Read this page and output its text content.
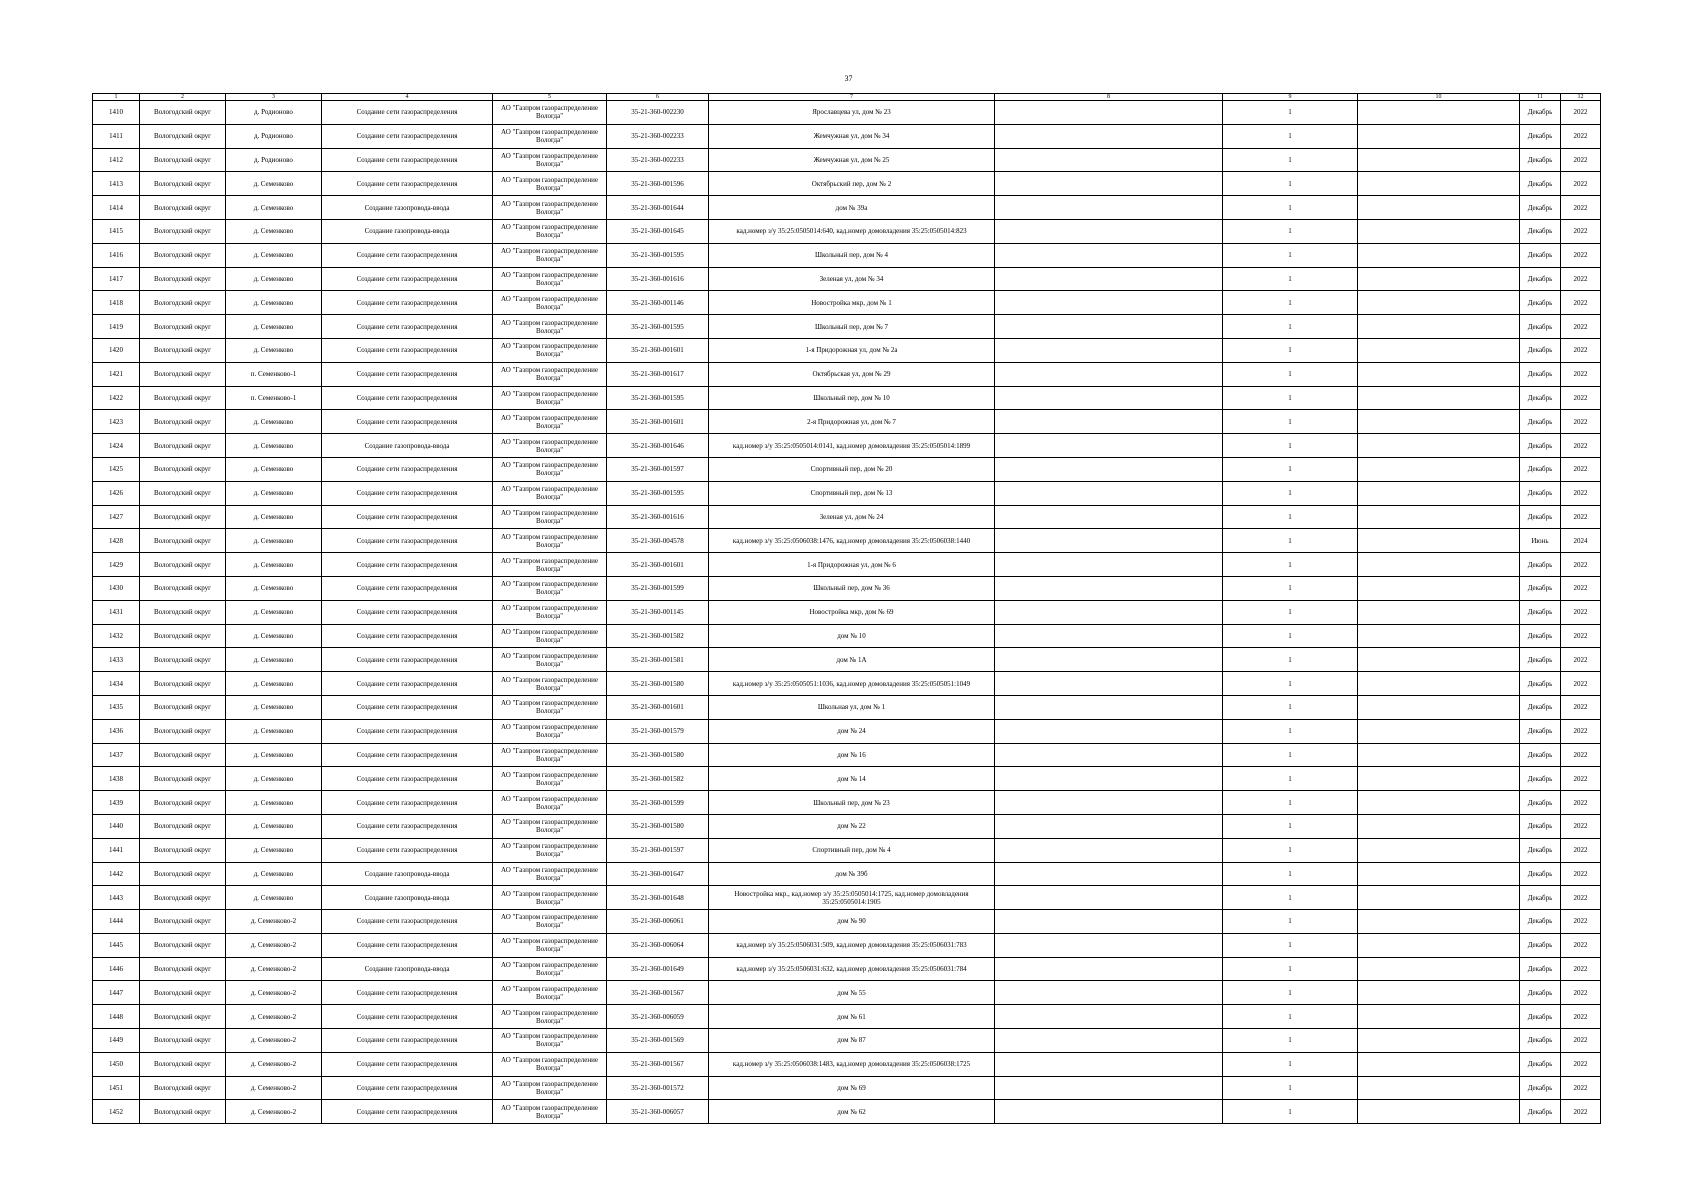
37
1	2	3	4	5	6	7	8	9	10	11	12
1410	Вологодский округ	д. Родионово	Создание сети газораспределения	АО "Газпром газораспределение Вологда"	35-21-360-002230	Ярославцева ул, дом № 23		1		Декабрь	2022
1411	Вологодский округ	д. Родионово	Создание сети газораспределения	АО "Газпром газораспределение Вологда"	35-21-360-002233	Жемчужная ул, дом № 34		1		Декабрь	2022
1412	Вологодский округ	д. Родионово	Создание сети газораспределения	АО "Газпром газораспределение Вологда"	35-21-360-002233	Жемчужная ул, дом № 25		1		Декабрь	2022
1413	Вологодский округ	д. Семенково	Создание сети газораспределения	АО "Газпром газораспределение Вологда"	35-21-360-001596	Октябрьский пер, дом № 2		1		Декабрь	2022
1414	Вологодский округ	д. Семенково	Создание газопровода-ввода	АО "Газпром газораспределение Вологда"	35-21-360-001644	дом № 39а		1		Декабрь	2022
1415	Вологодский округ	д. Семенково	Создание газопровода-ввода	АО "Газпром газораспределение Вологда"	35-21-360-001645	кад.номер з/у 35:25:0505014:640, кад.номер домовладения 35:25:0505014:823		1		Декабрь	2022
1416	Вологодский округ	д. Семенково	Создание сети газораспределения	АО "Газпром газораспределение Вологда"	35-21-360-001595	Школьный пер, дом № 4		1		Декабрь	2022
1417	Вологодский округ	д. Семенково	Создание сети газораспределения	АО "Газпром газораспределение Вологда"	35-21-360-001616	Зеленая ул, дом № 34		1		Декабрь	2022
1418	Вологодский округ	д. Семенково	Создание сети газораспределения	АО "Газпром газораспределение Вологда"	35-21-360-001146	Новостройка мкр, дом № 1		1		Декабрь	2022
1419	Вологодский округ	д. Семенково	Создание сети газораспределения	АО "Газпром газораспределение Вологда"	35-21-360-001595	Школьный пер, дом № 7		1		Декабрь	2022
1420	Вологодский округ	д. Семенково	Создание сети газораспределения	АО "Газпром газораспределение Вологда"	35-21-360-001601	1-я Придорожная ул, дом № 2а		1		Декабрь	2022
1421	Вологодский округ	п. Семенково-1	Создание сети газораспределения	АО "Газпром газораспределение Вологда"	35-21-360-001617	Октябрьская ул, дом № 29		1		Декабрь	2022
1422	Вологодский округ	п. Семенково-1	Создание сети газораспределения	АО "Газпром газораспределение Вологда"	35-21-360-001595	Школьный пер, дом № 10		1		Декабрь	2022
1423	Вологодский округ	д. Семенково	Создание сети газораспределения	АО "Газпром газораспределение Вологда"	35-21-360-001601	2-я Придорожная ул, дом № 7		1		Декабрь	2022
1424	Вологодский округ	д. Семенково	Создание газопровода-ввода	АО "Газпром газораспределение Вологда"	35-21-360-001646	кад.номер з/у 35:25:0505014:0141, кад.номер домовладения 35:25:0505014:1899		1		Декабрь	2022
1425	Вологодский округ	д. Семенково	Создание сети газораспределения	АО "Газпром газораспределение Вологда"	35-21-360-001597	Спортивный пер, дом № 20		1		Декабрь	2022
1426	Вологодский округ	д. Семенково	Создание сети газораспределения	АО "Газпром газораспределение Вологда"	35-21-360-001595	Спортивный пер, дом № 13		1		Декабрь	2022
1427	Вологодский округ	д. Семенково	Создание сети газораспределения	АО "Газпром газораспределение Вологда"	35-21-360-001616	Зеленая ул, дом № 24		1		Декабрь	2022
1428	Вологодский округ	д. Семенково	Создание сети газораспределения	АО "Газпром газораспределение Вологда"	35-21-360-004578	кад.номер з/у 35:25:0506038:1476, кад.номер домовладения 35:25:0506038:1440		1		Июнь	2024
1429	Вологодский округ	д. Семенково	Создание сети газораспределения	АО "Газпром газораспределение Вологда"	35-21-360-001601	1-я Придорожная ул, дом № 6		1		Декабрь	2022
1430	Вологодский округ	д. Семенково	Создание сети газораспределения	АО "Газпром газораспределение Вологда"	35-21-360-001599	Школьный пер, дом № 36		1		Декабрь	2022
1431	Вологодский округ	д. Семенково	Создание сети газораспределения	АО "Газпром газораспределение Вологда"	35-21-360-001145	Новостройка мкр, дом № 69		1		Декабрь	2022
1432	Вологодский округ	д. Семенково	Создание сети газораспределения	АО "Газпром газораспределение Вологда"	35-21-360-001582	дом № 10		1		Декабрь	2022
1433	Вологодский округ	д. Семенково	Создание сети газораспределения	АО "Газпром газораспределение Вологда"	35-21-360-001581	дом № 1А		1		Декабрь	2022
1434	Вологодский округ	д. Семенково	Создание сети газораспределения	АО "Газпром газораспределение Вологда"	35-21-360-001580	кад.номер з/у 35:25:0505051:1036, кад.номер домовладения 35:25:0505051:1049		1		Декабрь	2022
1435	Вологодский округ	д. Семенково	Создание сети газораспределения	АО "Газпром газораспределение Вологда"	35-21-360-001601	Школьная ул, дом № 1		1		Декабрь	2022
1436	Вологодский округ	д. Семенково	Создание сети газораспределения	АО "Газпром газораспределение Вологда"	35-21-360-001579	дом № 24		1		Декабрь	2022
1437	Вологодский округ	д. Семенково	Создание сети газораспределения	АО "Газпром газораспределение Вологда"	35-21-360-001580	дом № 16		1		Декабрь	2022
1438	Вологодский округ	д. Семенково	Создание сети газораспределения	АО "Газпром газораспределение Вологда"	35-21-360-001582	дом № 14		1		Декабрь	2022
1439	Вологодский округ	д. Семенково	Создание сети газораспределения	АО "Газпром газораспределение Вологда"	35-21-360-001599	Школьный пер, дом № 23		1		Декабрь	2022
1440	Вологодский округ	д. Семенково	Создание сети газораспределения	АО "Газпром газораспределение Вологда"	35-21-360-001580	дом № 22		1		Декабрь	2022
1441	Вологодский округ	д. Семенково	Создание сети газораспределения	АО "Газпром газораспределение Вологда"	35-21-360-001597	Спортивный пер, дом № 4		1		Декабрь	2022
1442	Вологодский округ	д. Семенково	Создание газопровода-ввода	АО "Газпром газораспределение Вологда"	35-21-360-001647	дом № 39б		1		Декабрь	2022
1443	Вологодский округ	д. Семенково	Создание газопровода-ввода	АО "Газпром газораспределение Вологда"	35-21-360-001648	Новостройка мкр., кад.номер з/у 35:25:0505014:1725, кад.номер домовладения 35:25:0505014:1905		1		Декабрь	2022
1444	Вологодский округ	д. Семенково-2	Создание сети газораспределения	АО "Газпром газораспределение Вологда"	35-21-360-006061	дом № 90		1		Декабрь	2022
1445	Вологодский округ	д. Семенково-2	Создание сети газораспределения	АО "Газпром газораспределение Вологда"	35-21-360-006064	кад.номер з/у 35:25:0506031:509, кад.номер домовладения 35:25:0506031:783		1		Декабрь	2022
1446	Вологодский округ	д. Семенково-2	Создание газопровода-ввода	АО "Газпром газораспределение Вологда"	35-21-360-001649	кад.номер з/у 35:25:0506031:632, кад.номер домовладения 35:25:0506031:784		1		Декабрь	2022
1447	Вологодский округ	д. Семенково-2	Создание сети газораспределения	АО "Газпром газораспределение Вологда"	35-21-360-001567	дом № 55		1		Декабрь	2022
1448	Вологодский округ	д. Семенково-2	Создание сети газораспределения	АО "Газпром газораспределение Вологда"	35-21-360-006059	дом № 61		1		Декабрь	2022
1449	Вологодский округ	д. Семенково-2	Создание сети газораспределения	АО "Газпром газораспределение Вологда"	35-21-360-001569	дом № 87		1		Декабрь	2022
1450	Вологодский округ	д. Семенково-2	Создание сети газораспределения	АО "Газпром газораспределение Вологда"	35-21-360-001567	кад.номер з/у 35:25:0506038:1483, кад.номер домовладения 35:25:0506038:1725		1		Декабрь	2022
1451	Вологодский округ	д. Семенково-2	Создание сети газораспределения	АО "Газпром газораспределение Вологда"	35-21-360-001572	дом № 69		1		Декабрь	2022
1452	Вологодский округ	д. Семенково-2	Создание сети газораспределения	АО "Газпром газораспределение Вологда"	35-21-360-006057	дом № 62		1		Декабрь	2022
